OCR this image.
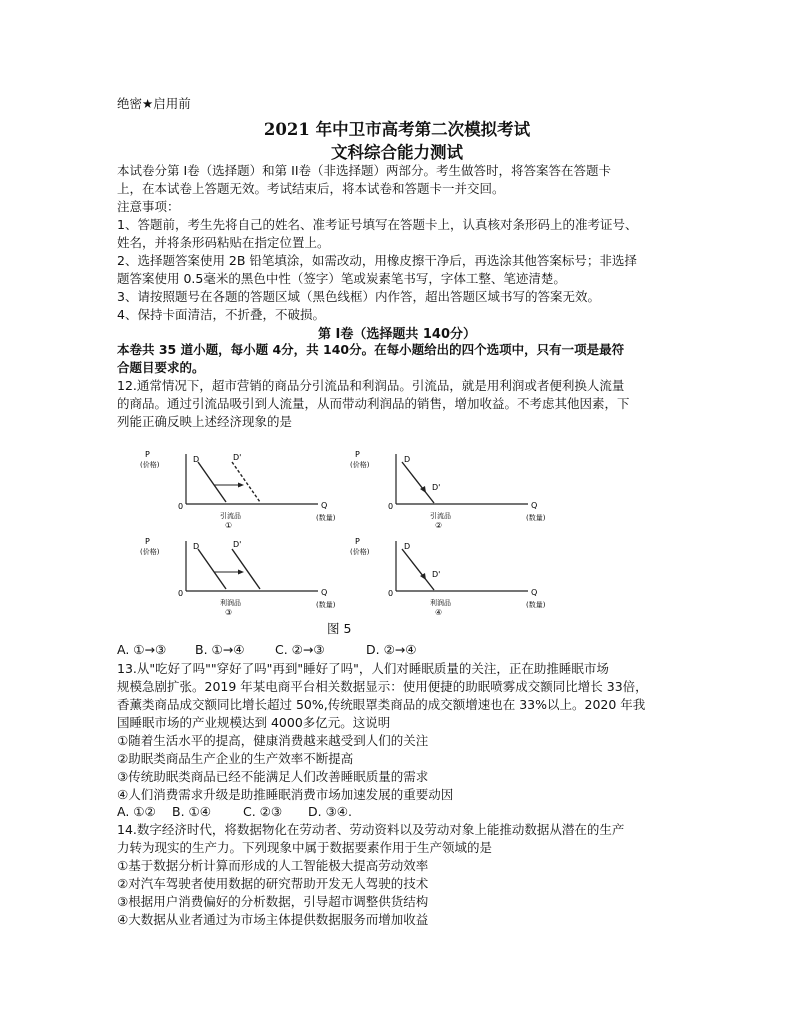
绝密★启用前
2021 年中卫市高考第二次模拟考试
文科综合能力测试
本试卷分第 I卷（选择题）和第 II卷（非选择题）两部分。考生做答时，将答案答在答题卡
上，在本试卷上答题无效。考试结束后，将本试卷和答题卡一并交回。
注意事项：
1、答题前，考生先将自己的姓名、准考证号填写在答题卡上，认真核对条形码上的准考证号、
姓名，并将条形码粘贴在指定位置上。
2、选择题答案使用 2B 铅笔填涂，如需改动，用橡皮擦干净后，再选涂其他答案标号；非选择
题答案使用 0.5毫米的黑色中性（签字）笔或炭素笔书写，字体工整、笔迹清楚。
3、请按照题号在各题的答题区域（黑色线框）内作答，超出答题区域书写的答案无效。
4、保持卡面清洁，不折叠，不破损。
第 I卷（选择题共 140分）
本卷共 35 道小题，每小题 4分，共 140分。在每小题给出的四个选项中，只有一项是最符
合题目要求的。
12.通常情况下，超市营销的商品分引流品和利润品。引流品，就是用利润或者便利换人流量
的商品。通过引流品吸引到人流量，从而带动利润品的销售，增加收益。不考虑其他因素，下
列能正确反映上述经济现象的是
P
(价格)
0	Q
(数量)
D	D'
引流品
①
P
(价格)
0	Q
(数量)
D
D'
引流品
②
P
(价格)
0	Q
(数量)
D	D'
利润品
③
P
(价格)
0	Q
(数量)
D
D'
利润品
④
图 5
A. ①→③ B. ①→④ C. ②→③	D. ②→④
13.从"吃好了吗""穿好了吗"再到"睡好了吗"，人们对睡眠质量的关注，正在助推睡眠市场
规模急剧扩张。2019 年某电商平台相关数据显示：使用便捷的助眠喷雾成交额同比增长 33倍，
香薰类商品成交额同比增长超过 50%,传统眼罩类商品的成交额增速也在 33%以上。2020 年我
国睡眠市场的产业规模达到 4000多亿元。这说明
①随着生活水平的提高，健康消费越来越受到人们的关注
②助眠类商品生产企业的生产效率不断提高
③传统助眠类商品已经不能满足人们改善睡眠质量的需求
④人们消费需求升级是助推睡眠消费市场加速发展的重要动因
A. ①② B. ①④	C. ②③ D. ③④.
14.数字经济时代，将数据物化在劳动者、劳动资料以及劳动对象上能推动数据从潜在的生产
力转为现实的生产力。下列现象中属于数据要素作用于生产领域的是
①基于数据分析计算而形成的人工智能极大提高劳动效率
②对汽车驾驶者使用数据的研究帮助开发无人驾驶的技术
③根据用户消费偏好的分析数据，引导超市调整供货结构
④大数据从业者通过为市场主体提供数据服务而增加收益
